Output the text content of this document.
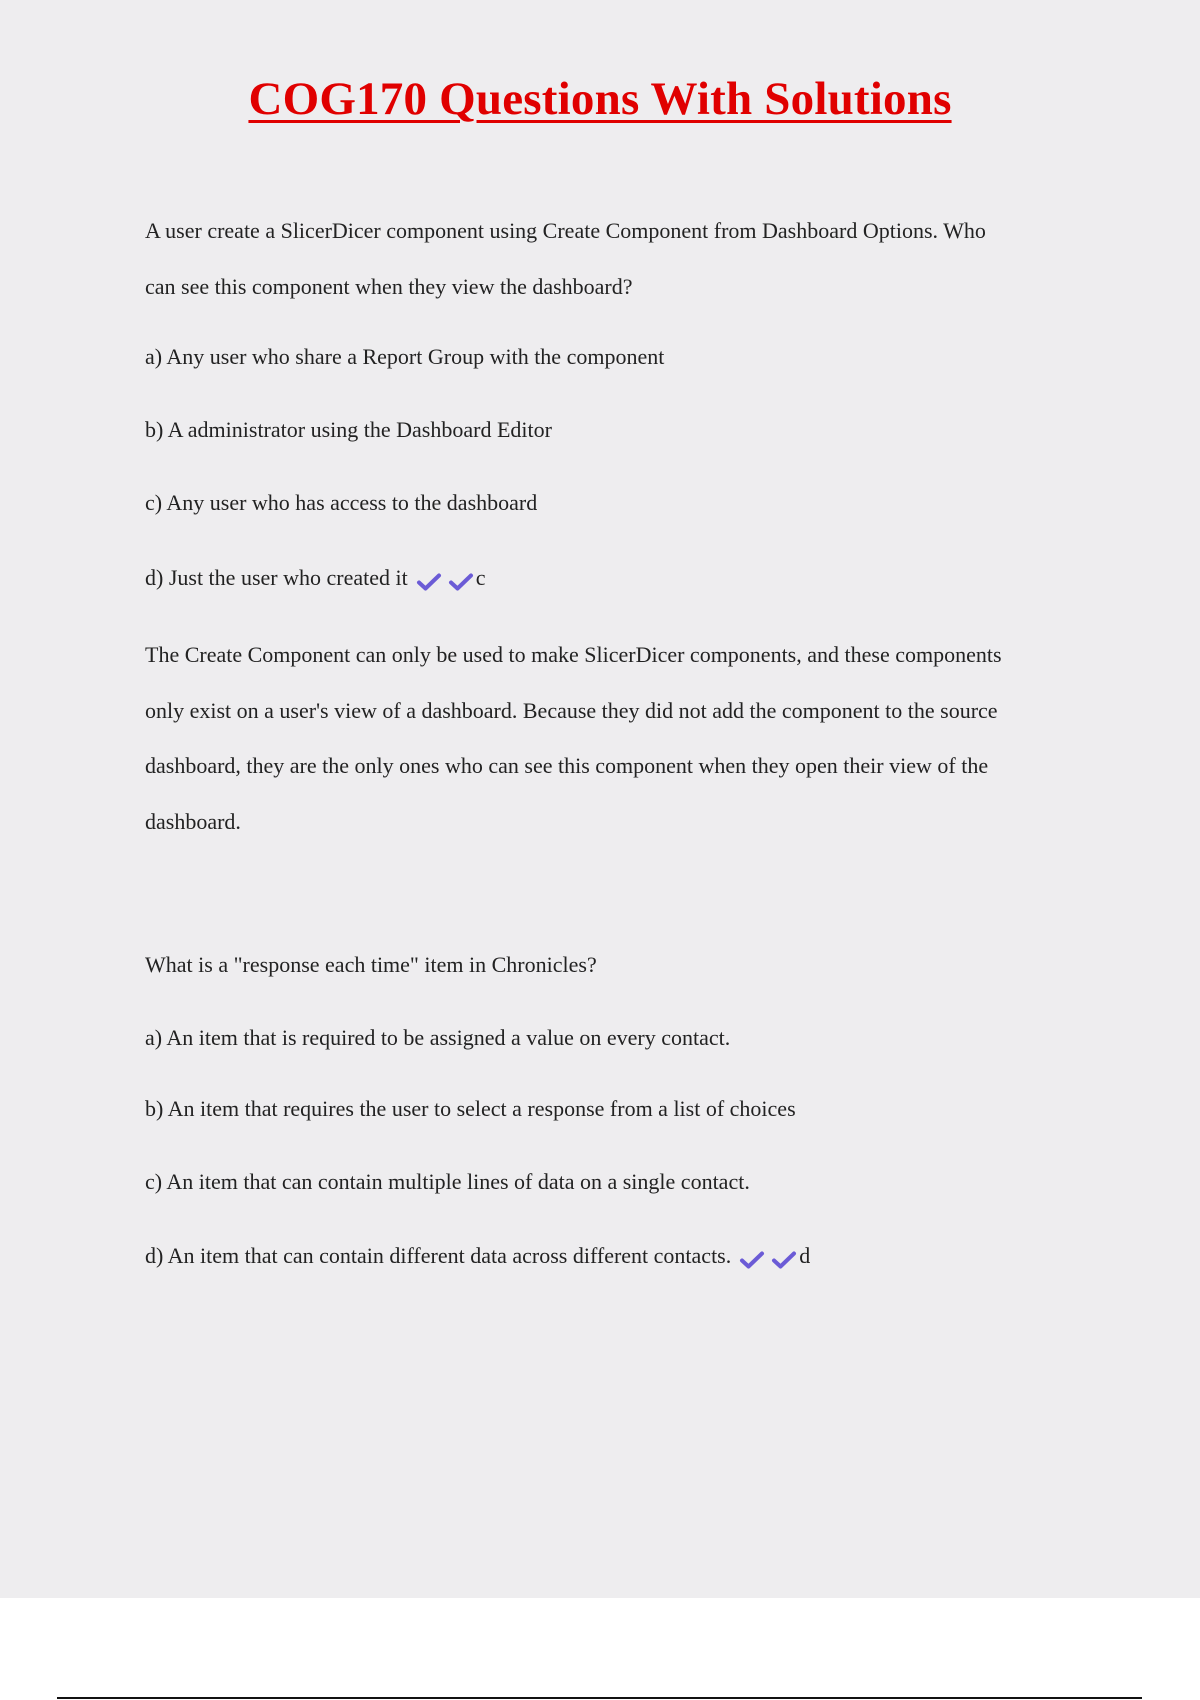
COG170 Questions With Solutions

A user create a SlicerDicer component using Create Component from Dashboard Options. Who

can see this component when they view the dashboard?

a) Any user who share a Report Group with the component

b) A administrator using the Dashboard Editor

c) Any user who has access to the dashboard

d) Just the user who created it	c

The Create Component can only be used to make SlicerDicer components, and these components

only exist on a user's view of a dashboard. Because they did not add the component to the source

dashboard, they are the only ones who can see this component when they open their view of the

dashboard.

What is a "response each time" item in Chronicles?

a) An item that is required to be assigned a value on every contact.

b) An item that requires the user to select a response from a list of choices

c) An item that can contain multiple lines of data on a single contact.

d) An item that can contain different data across different contacts.	d
